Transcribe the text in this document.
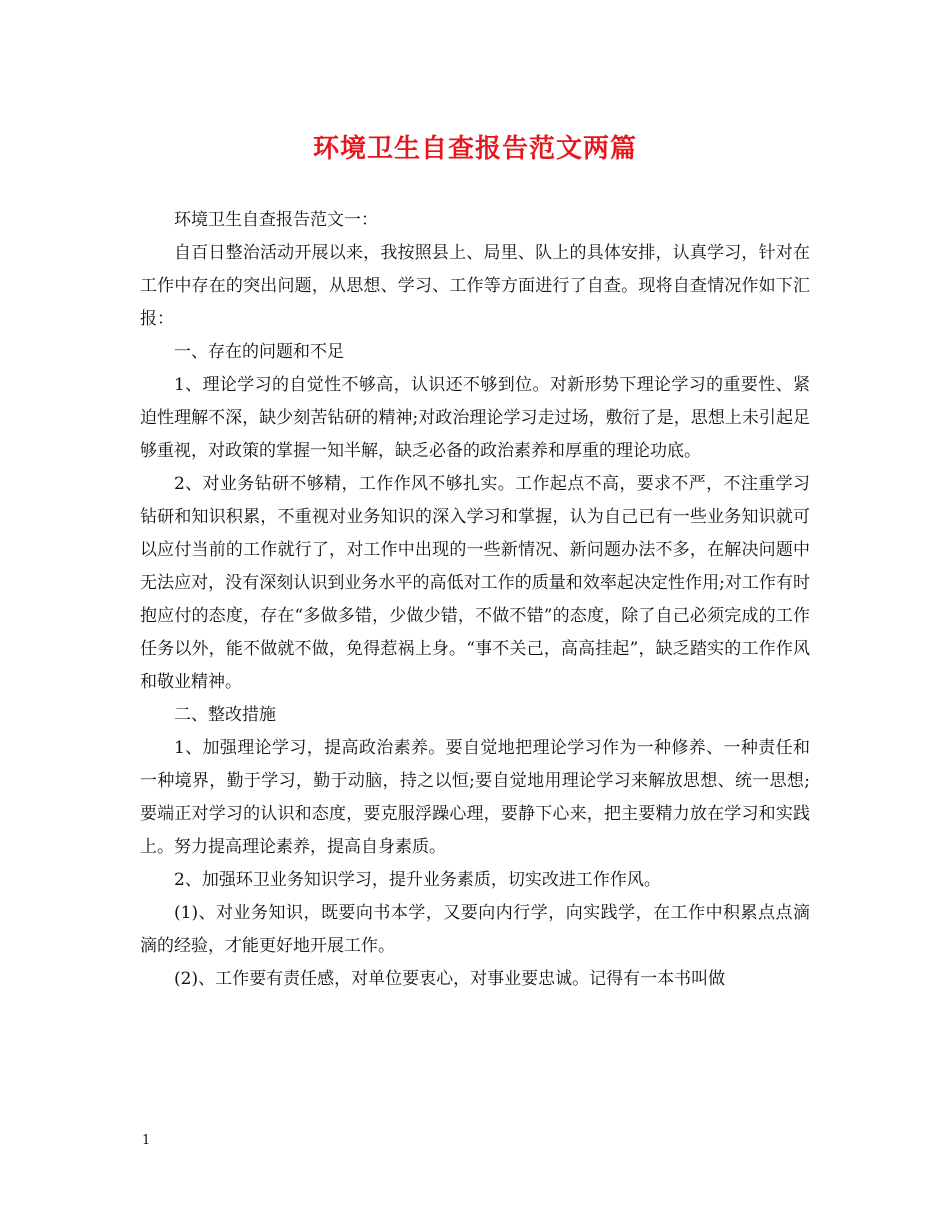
环境卫生自查报告范文两篇

环境卫生自查报告范文一：

自百日整治活动开展以来，我按照县上、局里、队上的具体安排，认真学习，针对在工作中存在的突出问题，从思想、学习、工作等方面进行了自查。现将自查情况作如下汇报：

一、存在的问题和不足

1、理论学习的自觉性不够高，认识还不够到位。对新形势下理论学习的重要性、紧迫性理解不深，缺少刻苦钻研的精神;对政治理论学习走过场，敷衍了是，思想上未引起足够重视，对政策的掌握一知半解，缺乏必备的政治素养和厚重的理论功底。

2、对业务钻研不够精，工作作风不够扎实。工作起点不高，要求不严，不注重学习钻研和知识积累，不重视对业务知识的深入学习和掌握，认为自己已有一些业务知识就可以应付当前的工作就行了，对工作中出现的一些新情况、新问题办法不多，在解决问题中无法应对，没有深刻认识到业务水平的高低对工作的质量和效率起决定性作用;对工作有时抱应付的态度，存在“多做多错，少做少错，不做不错”的态度，除了自己必须完成的工作任务以外，能不做就不做，免得惹祸上身。“事不关己，高高挂起”，缺乏踏实的工作作风和敬业精神。

二、整改措施

1、加强理论学习，提高政治素养。要自觉地把理论学习作为一种修养、一种责任和一种境界，勤于学习，勤于动脑，持之以恒;要自觉地用理论学习来解放思想、统一思想;要端正对学习的认识和态度，要克服浮躁心理，要静下心来，把主要精力放在学习和实践上。努力提高理论素养，提高自身素质。

2、加强环卫业务知识学习，提升业务素质，切实改进工作作风。

(1)、对业务知识，既要向书本学，又要向内行学，向实践学，在工作中积累点点滴滴的经验，才能更好地开展工作。

(2)、工作要有责任感，对单位要衷心，对事业要忠诚。记得有一本书叫做

1
